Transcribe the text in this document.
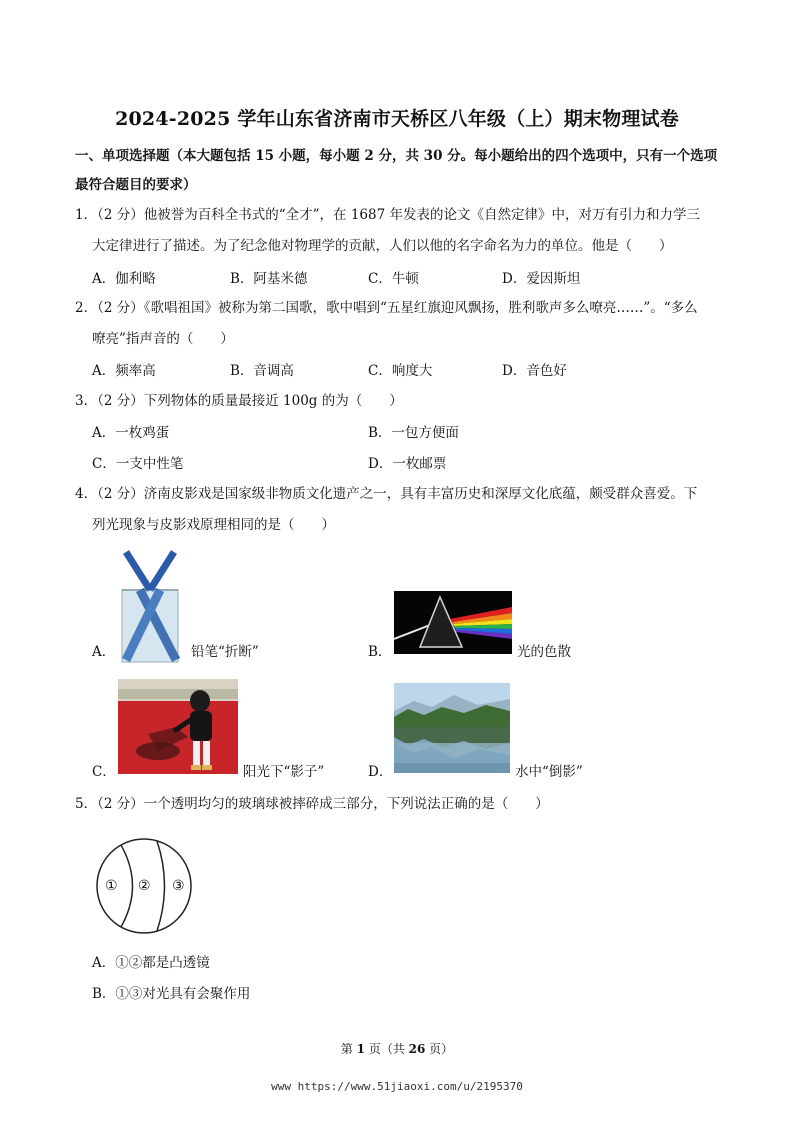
2024-2025 学年山东省济南市天桥区八年级（上）期末物理试卷
一、单项选择题（本大题包括 15 小题，每小题 2 分，共 30 分。每小题给出的四个选项中，只有一个选项最符合题目的要求）
1．（2 分）他被誉为百科全书式的“全才”，在 1687 年发表的论文《自然定律》中，对万有引力和力学三
大定律进行了描述。为了纪念他对物理学的贡献，人们以他的名字命名为力的单位。他是（　　）
A．伽利略	B．阿基米德	C．牛顿	D．爱因斯坦
2．（2 分）《歌唱祖国》被称为第二国歌，歌中唱到“五星红旗迎风飘扬，胜利歌声多么嘹亮……”。“多么
嘹亮”指声音的（　　）
A．频率高	B．音调高	C．响度大	D．音色好
3．（2 分）下列物体的质量最接近 100g 的为（　　）
A．一枚鸡蛋	B．一包方便面
C．一支中性笔	D．一枚邮票
4．（2 分）济南皮影戏是国家级非物质文化遗产之一，具有丰富历史和深厚文化底蕴，颇受群众喜爱。下
列光现象与皮影戏原理相同的是（　　）
A．	铅笔“折断”	B．	光的色散
C．	阳光下“影子”	D．	水中“倒影”
5．（2 分）一个透明均匀的玻璃球被摔碎成三部分，下列说法正确的是（　　）
① ② ③
A．①②都是凸透镜
B．①③对光具有会聚作用
第 1 页（共 26 页）
www https://www.51jiaoxi.com/u/2195370
